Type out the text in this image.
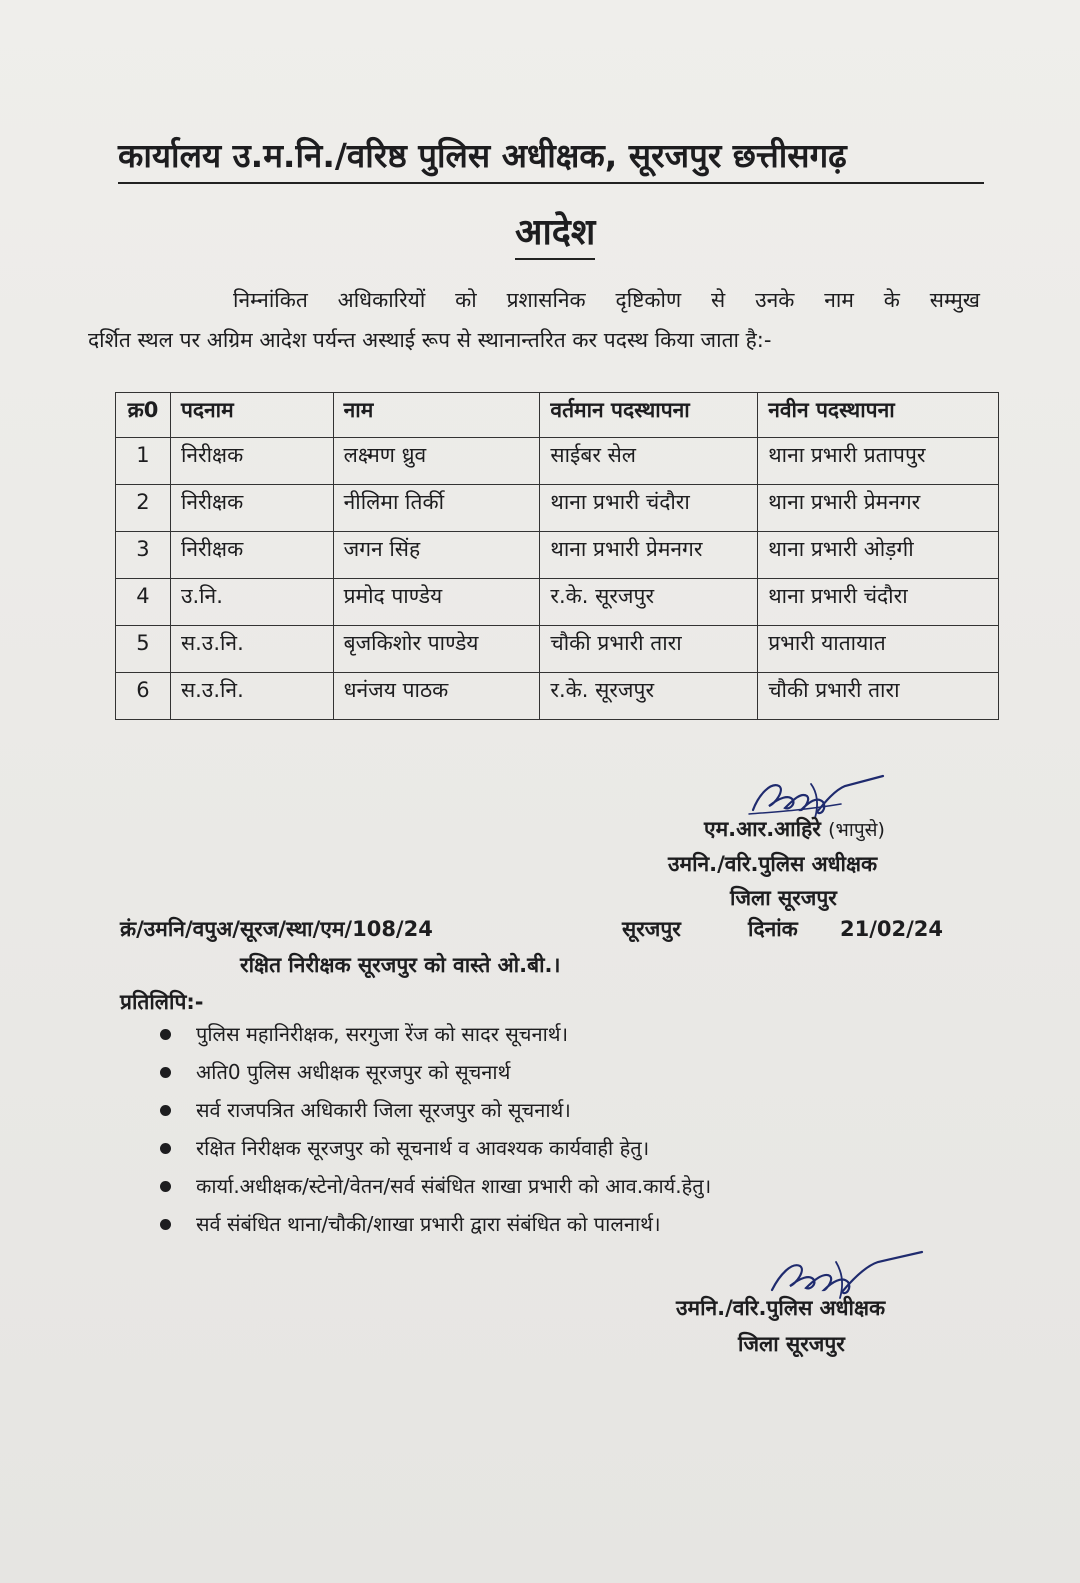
कार्यालय उ.म.नि./वरिष्ठ पुलिस अधीक्षक, सूरजपुर छत्तीसगढ़
आदेश
निम्नांकित अधिकारियों को प्रशासनिक दृष्टिकोण से उनके नाम के सम्मुख
दर्शित स्थल पर अग्रिम आदेश पर्यन्त अस्थाई रूप से स्थानान्तरित कर पदस्थ किया जाता है:-
क्र0	पदनाम	नाम	वर्तमान पदस्थापना	नवीन पदस्थापना
1	निरीक्षक	लक्ष्मण ध्रुव	साईबर सेल	थाना प्रभारी प्रतापपुर
2	निरीक्षक	नीलिमा तिर्की	थाना प्रभारी चंदौरा	थाना प्रभारी प्रेमनगर
3	निरीक्षक	जगन सिंह	थाना प्रभारी प्रेमनगर	थाना प्रभारी ओड़गी
4	उ.नि.	प्रमोद पाण्डेय	र.के. सूरजपुर	थाना प्रभारी चंदौरा
5	स.उ.नि.	बृजकिशोर पाण्डेय	चौकी प्रभारी तारा	प्रभारी यातायात
6	स.उ.नि.	धनंजय पाठक	र.के. सूरजपुर	चौकी प्रभारी तारा
एम.आर.आहिरे (भापुसे)
उमनि./वरि.पुलिस अधीक्षक
जिला सूरजपुर
क्रं/उमनि/वपुअ/सूरज/स्था/एम/108/24	सूरजपुर	दिनांक 21/02/24
रक्षित निरीक्षक सूरजपुर को वास्ते ओ.बी.।
प्रतिलिपि:-
पुलिस महानिरीक्षक, सरगुजा रेंज को सादर सूचनार्थ।
अति0 पुलिस अधीक्षक सूरजपुर को सूचनार्थ
सर्व राजपत्रित अधिकारी जिला सूरजपुर को सूचनार्थ।
रक्षित निरीक्षक सूरजपुर को सूचनार्थ व आवश्यक कार्यवाही हेतु।
कार्या.अधीक्षक/स्टेनो/वेतन/सर्व संबंधित शाखा प्रभारी को आव.कार्य.हेतु।
सर्व संबंधित थाना/चौकी/शाखा प्रभारी द्वारा संबंधित को पालनार्थ।
उमनि./वरि.पुलिस अधीक्षक
जिला सूरजपुर
